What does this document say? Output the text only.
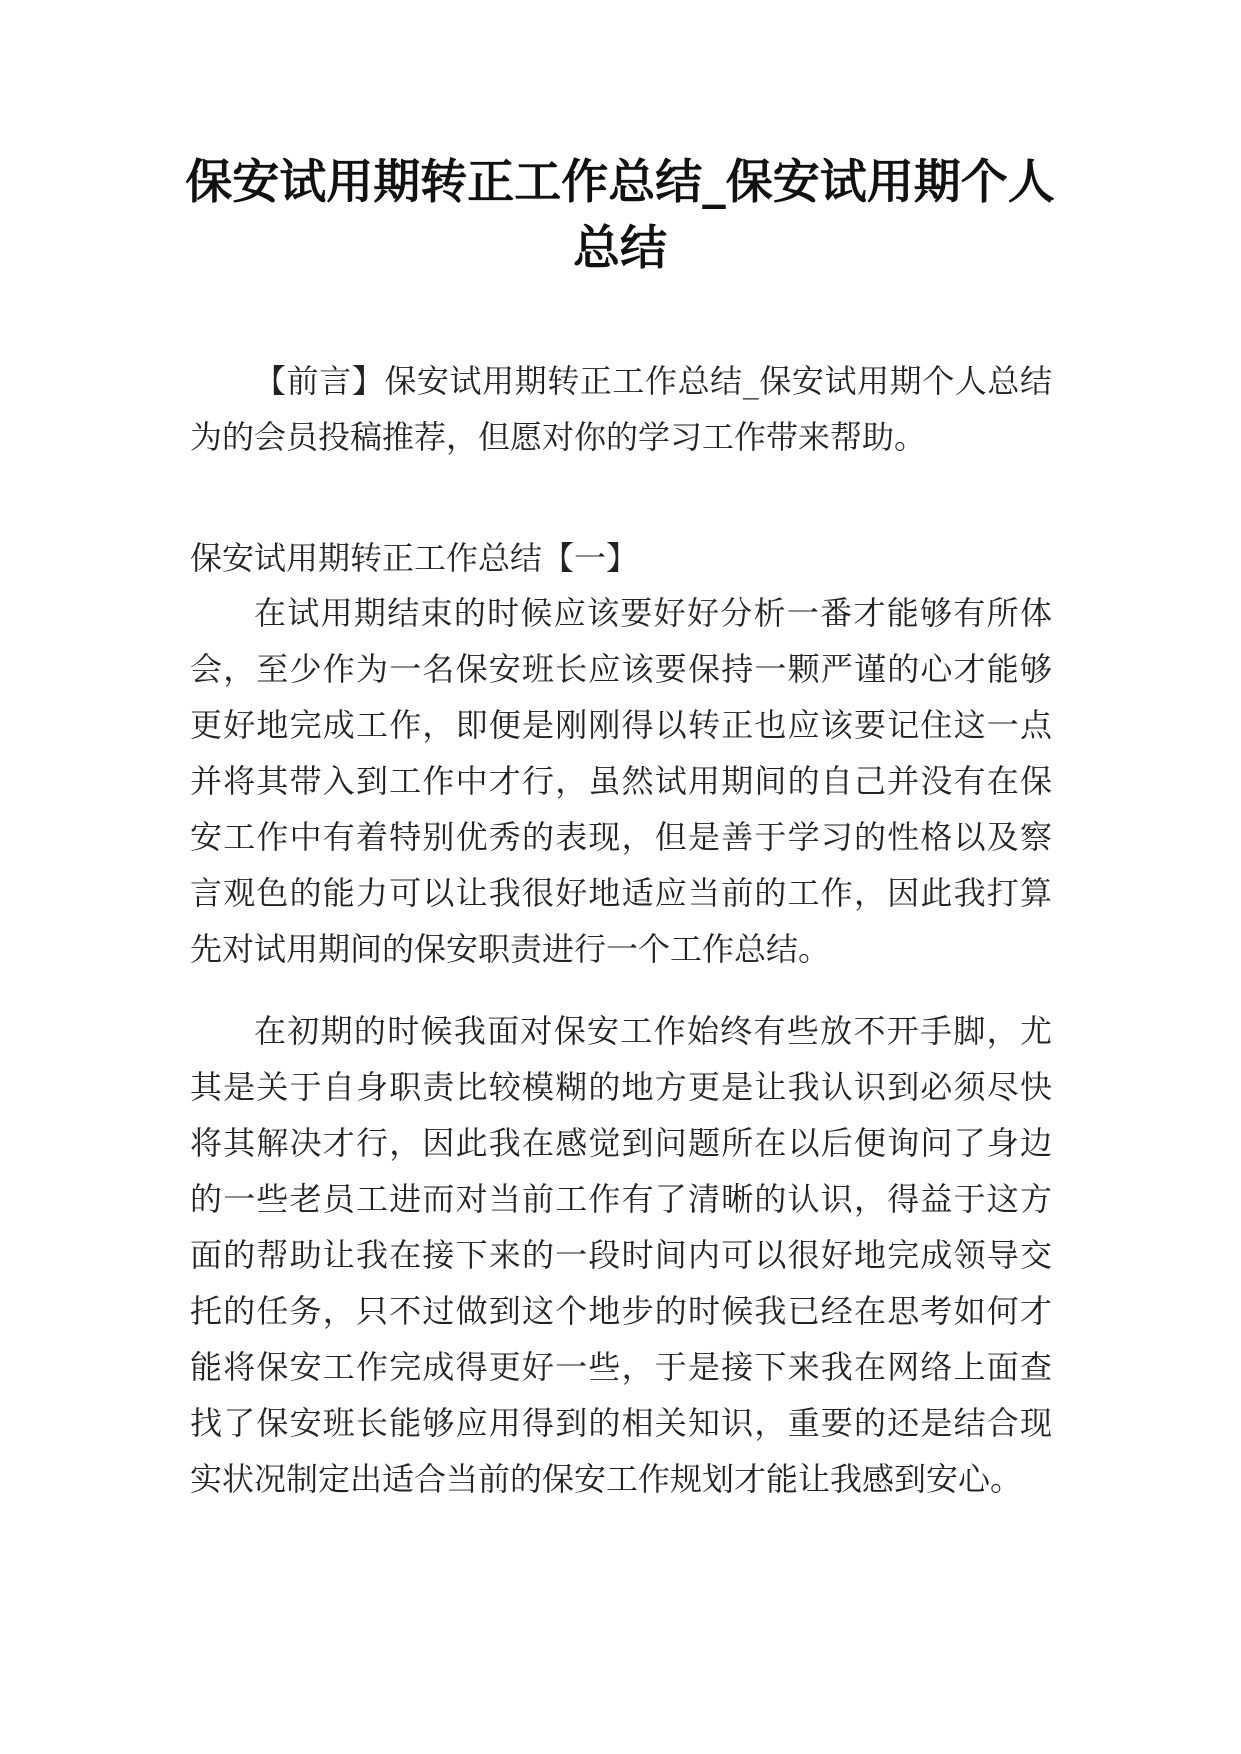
保安试用期转正工作总结_保安试用期个人总结

【前言】保安试用期转正工作总结_保安试用期个人总结为的会员投稿推荐，但愿对你的学习工作带来帮助。

保安试用期转正工作总结【一】

在试用期结束的时候应该要好好分析一番才能够有所体会，至少作为一名保安班长应该要保持一颗严谨的心才能够更好地完成工作，即便是刚刚得以转正也应该要记住这一点并将其带入到工作中才行，虽然试用期间的自己并没有在保安工作中有着特别优秀的表现，但是善于学习的性格以及察言观色的能力可以让我很好地适应当前的工作，因此我打算先对试用期间的保安职责进行一个工作总结。

在初期的时候我面对保安工作始终有些放不开手脚，尤其是关于自身职责比较模糊的地方更是让我认识到必须尽快将其解决才行，因此我在感觉到问题所在以后便询问了身边的一些老员工进而对当前工作有了清晰的认识，得益于这方面的帮助让我在接下来的一段时间内可以很好地完成领导交托的任务，只不过做到这个地步的时候我已经在思考如何才能将保安工作完成得更好一些，于是接下来我在网络上面查找了保安班长能够应用得到的相关知识，重要的还是结合现实状况制定出适合当前的保安工作规划才能让我感到安心。
